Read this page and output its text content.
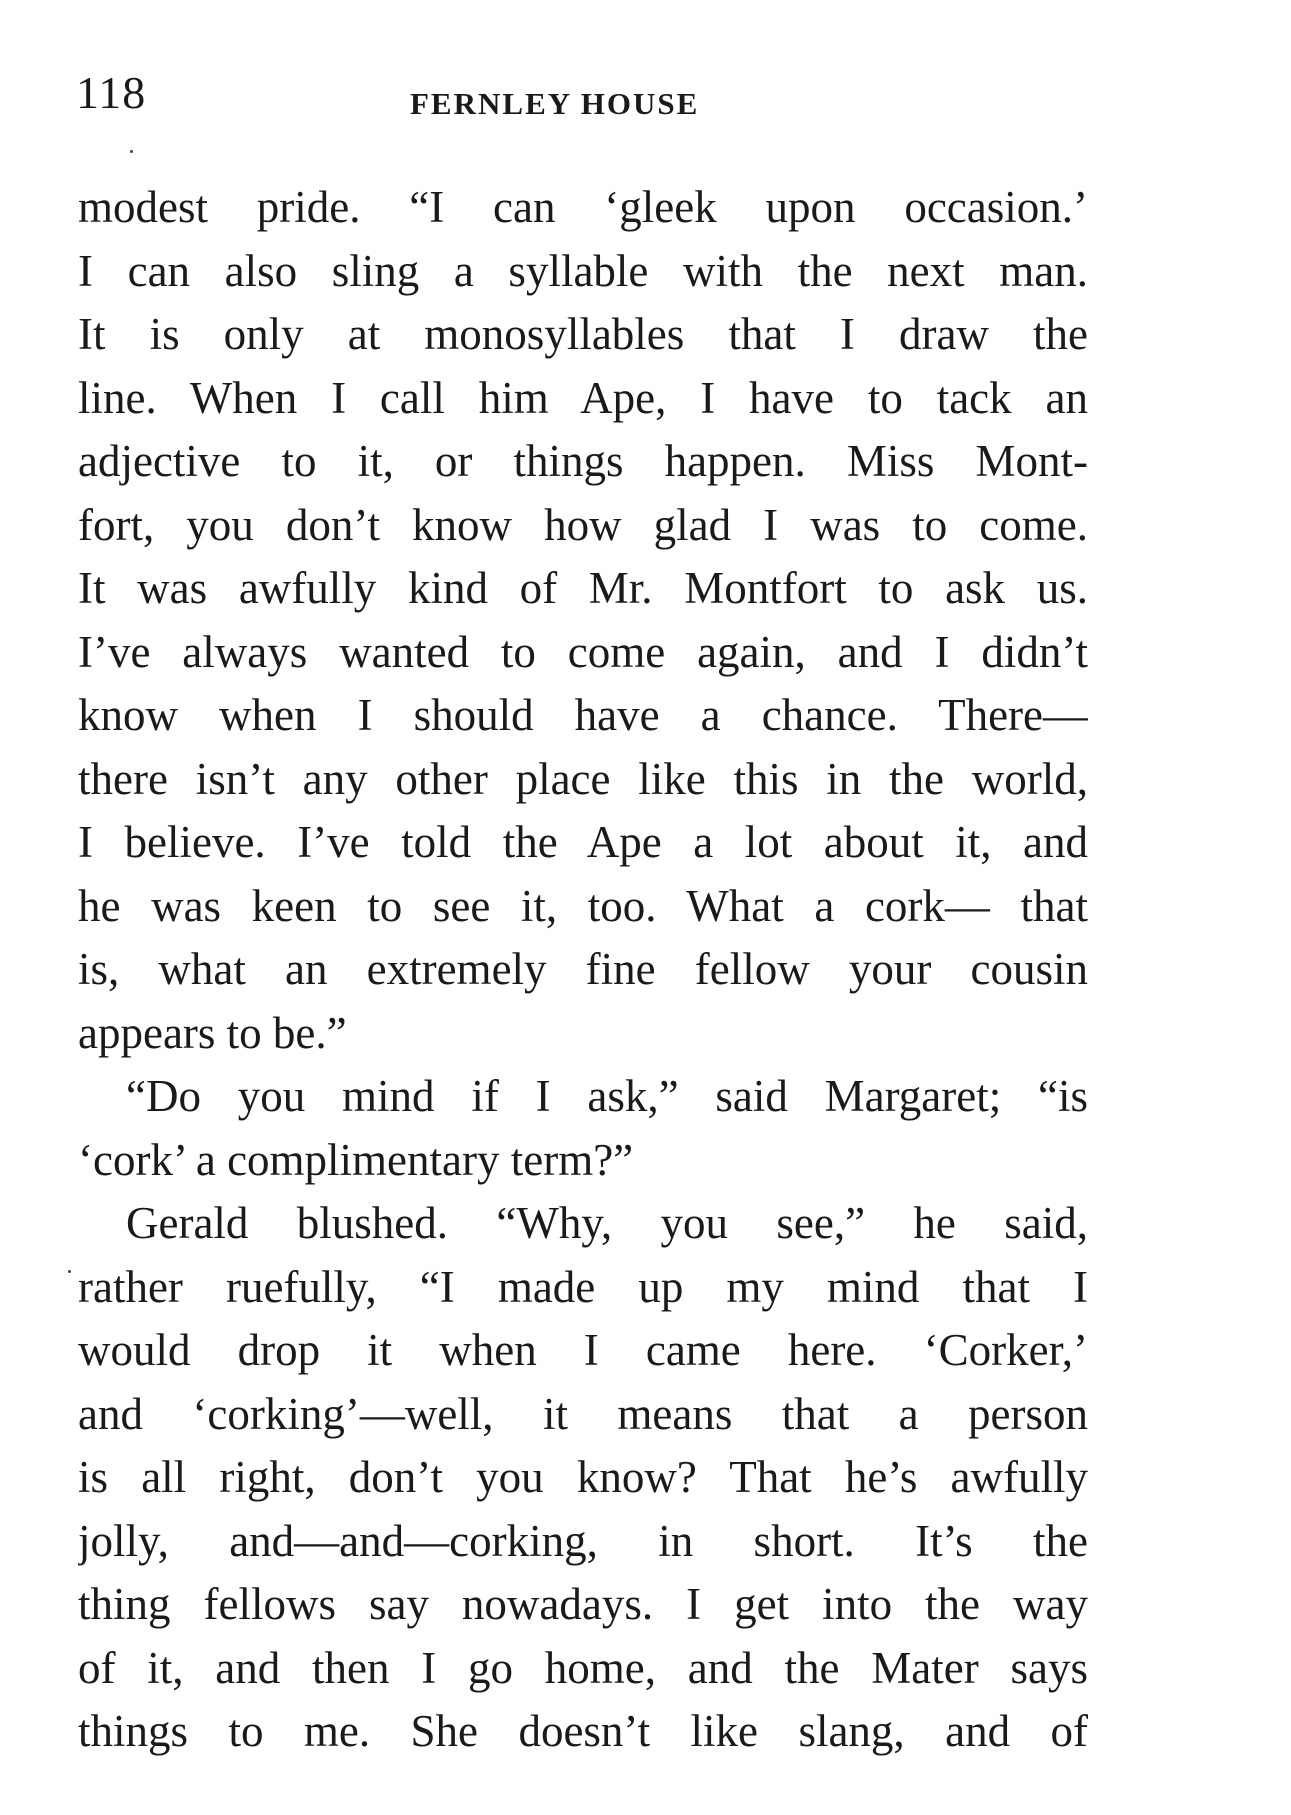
118	FERNLEY HOUSE
modest pride. “I can ‘gleek upon occasion.’
I can also sling a syllable with the next man.
It is only at monosyllables that I draw the
line. When I call him Ape, I have to tack an
adjective to it, or things happen. Miss Mont-
fort, you don’t know how glad I was to come.
It was awfully kind of Mr. Montfort to ask us.
I’ve always wanted to come again, and I didn’t
know when I should have a chance. There—
there isn’t any other place like this in the world,
I believe. I’ve told the Ape a lot about it, and
he was keen to see it, too. What a cork— that
is, what an extremely fine fellow your cousin
appears to be.”
“Do you mind if I ask,” said Margaret; “is
‘cork’ a complimentary term?”
Gerald blushed. “Why, you see,” he said,
rather ruefully, “I made up my mind that I
would drop it when I came here. ‘Corker,’
and ‘corking’—well, it means that a person
is all right, don’t you know? That he’s awfully
jolly, and—and—corking, in short. It’s the
thing fellows say nowadays. I get into the way
of it, and then I go home, and the Mater says
things to me. She doesn’t like slang, and of
